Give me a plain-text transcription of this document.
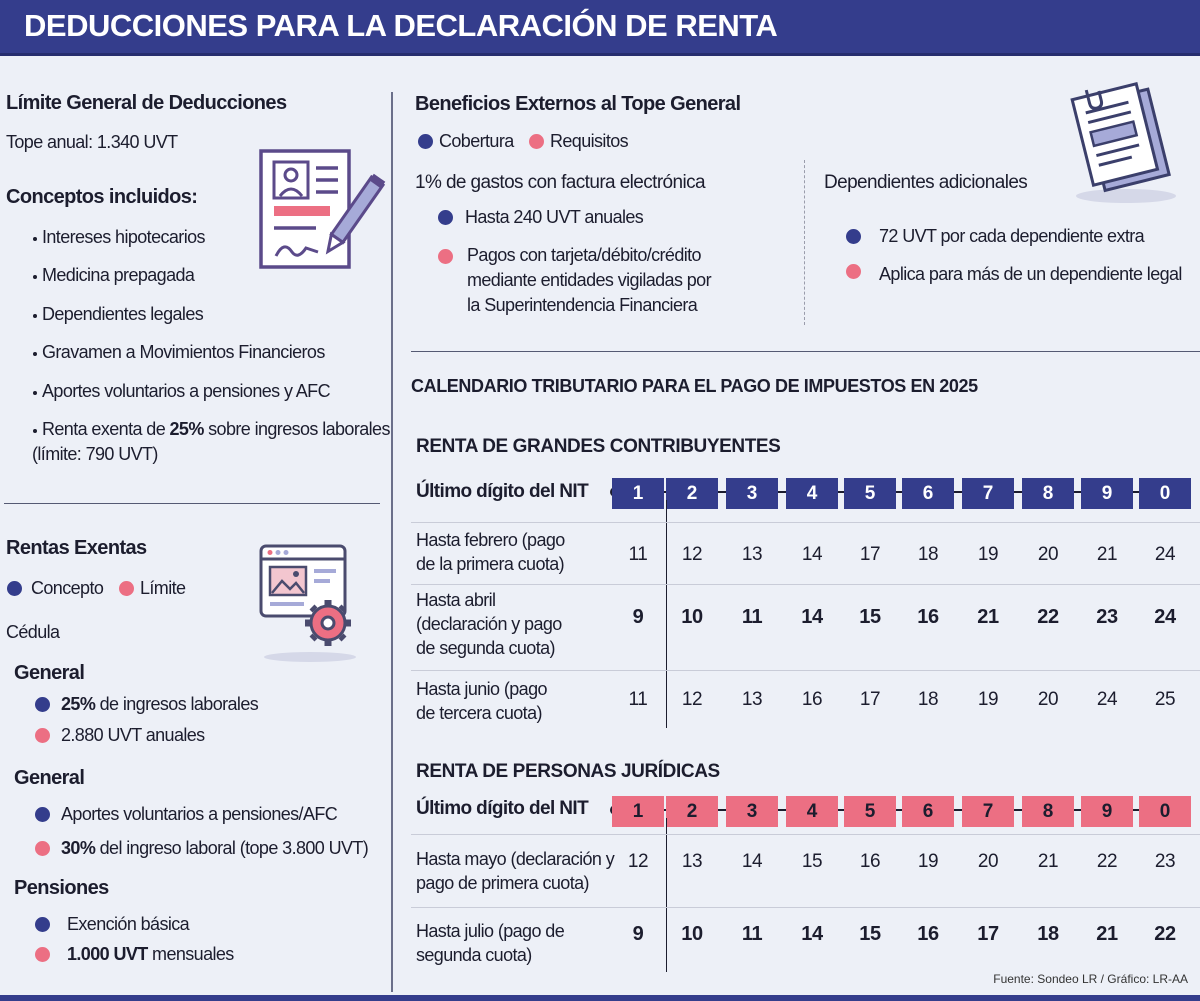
DEDUCCIONES PARA LA DECLARACIÓN DE RENTA
Límite General de Deducciones
Tope anual: 1.340 UVT
Conceptos incluidos:
Intereses hipotecarios
Medicina prepagada
Dependientes legales
Gravamen a Movimientos Financieros
Aportes voluntarios a pensiones y AFC
Renta exenta de 25% sobre ingresos laborales
(límite: 790 UVT)
Rentas Exentas
Concepto Límite
Cédula
General
25% de ingresos laborales
2.880 UVT anuales
General
Aportes voluntarios a pensiones/AFC
30% del ingreso laboral (tope 3.800 UVT)
Pensiones
Exención básica
1.000 UVT mensuales
Beneficios Externos al Tope General
Cobertura Requisitos
1% de gastos con factura electrónica
Hasta 240 UVT anuales
Pagos con tarjeta/débito/crédito
mediante entidades vigiladas por
la Superintendencia Financiera
Dependientes adicionales
72 UVT por cada dependiente extra
Aplica para más de un dependiente legal
CALENDARIO TRIBUTARIO PARA EL PAGO DE IMPUESTOS EN 2025
RENTA DE GRANDES CONTRIBUYENTES
Último dígito del NIT	1	2	3	4	5	6	7	8	9	0
Hasta febrero (pago
de la primera cuota)	11	12	13	14	17	18	19	20	21	24
Hasta abril
(declaración y pago
de segunda cuota)
9	10	11	14	15	16	21	22	23	24
Hasta junio (pago
de tercera cuota)
11	12	13	16	17	18	19	20	24	25
RENTA DE PERSONAS JURÍDICAS
Último dígito del NIT	1	2	3	4	5	6	7	8	9	0
Hasta mayo (declaración y
pago de primera cuota)
12	13	14	15	16	19	20	21	22	23
Hasta julio (pago de
segunda cuota)
9	10	11	14	15	16	17	18	21	22
Fuente: Sondeo LR / Gráfico: LR-AA
